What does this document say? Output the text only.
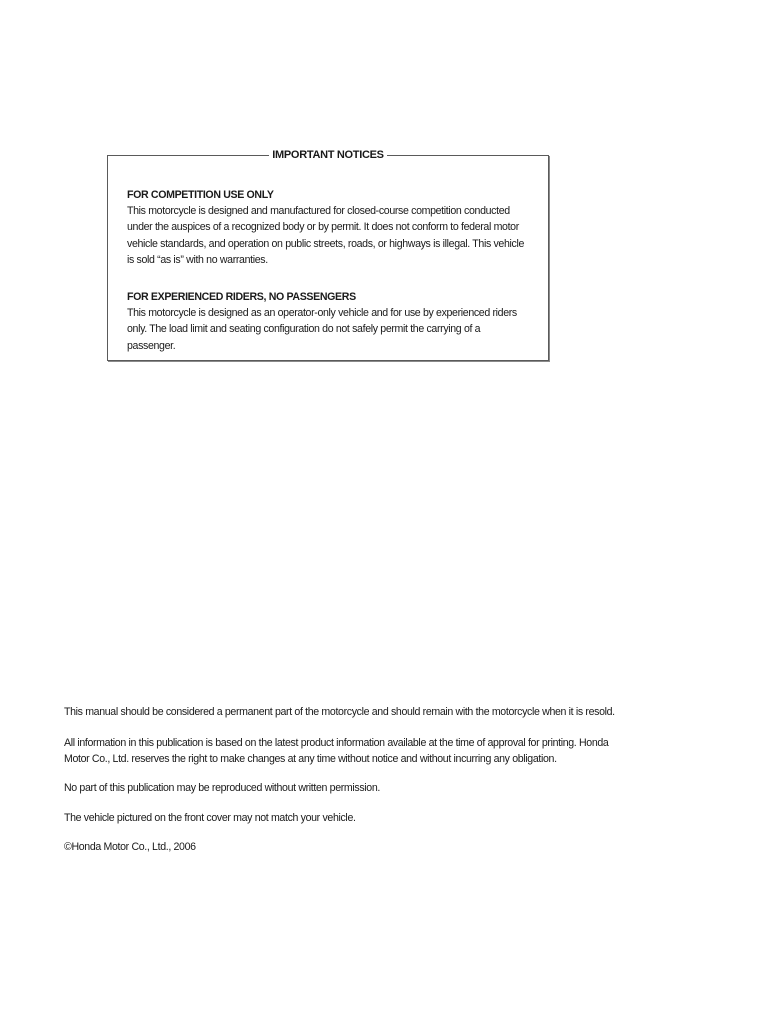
IMPORTANT NOTICES
FOR COMPETITION USE ONLY
This motorcycle is designed and manufactured for closed-course competition conducted under the auspices of a recognized body or by permit. It does not conform to federal motor vehicle standards, and operation on public streets, roads, or highways is illegal. This vehicle is sold “as is” with no warranties.
FOR EXPERIENCED RIDERS, NO PASSENGERS
This motorcycle is designed as an operator-only vehicle and for use by experienced riders only. The load limit and seating configuration do not safely permit the carrying of a passenger.

This manual should be considered a permanent part of the motorcycle and should remain with the motorcycle when it is resold.

All information in this publication is based on the latest product information available at the time of approval for printing. Honda Motor Co., Ltd. reserves the right to make changes at any time without notice and without incurring any obligation.

No part of this publication may be reproduced without written permission.

The vehicle pictured on the front cover may not match your vehicle.

©Honda Motor Co., Ltd., 2006
